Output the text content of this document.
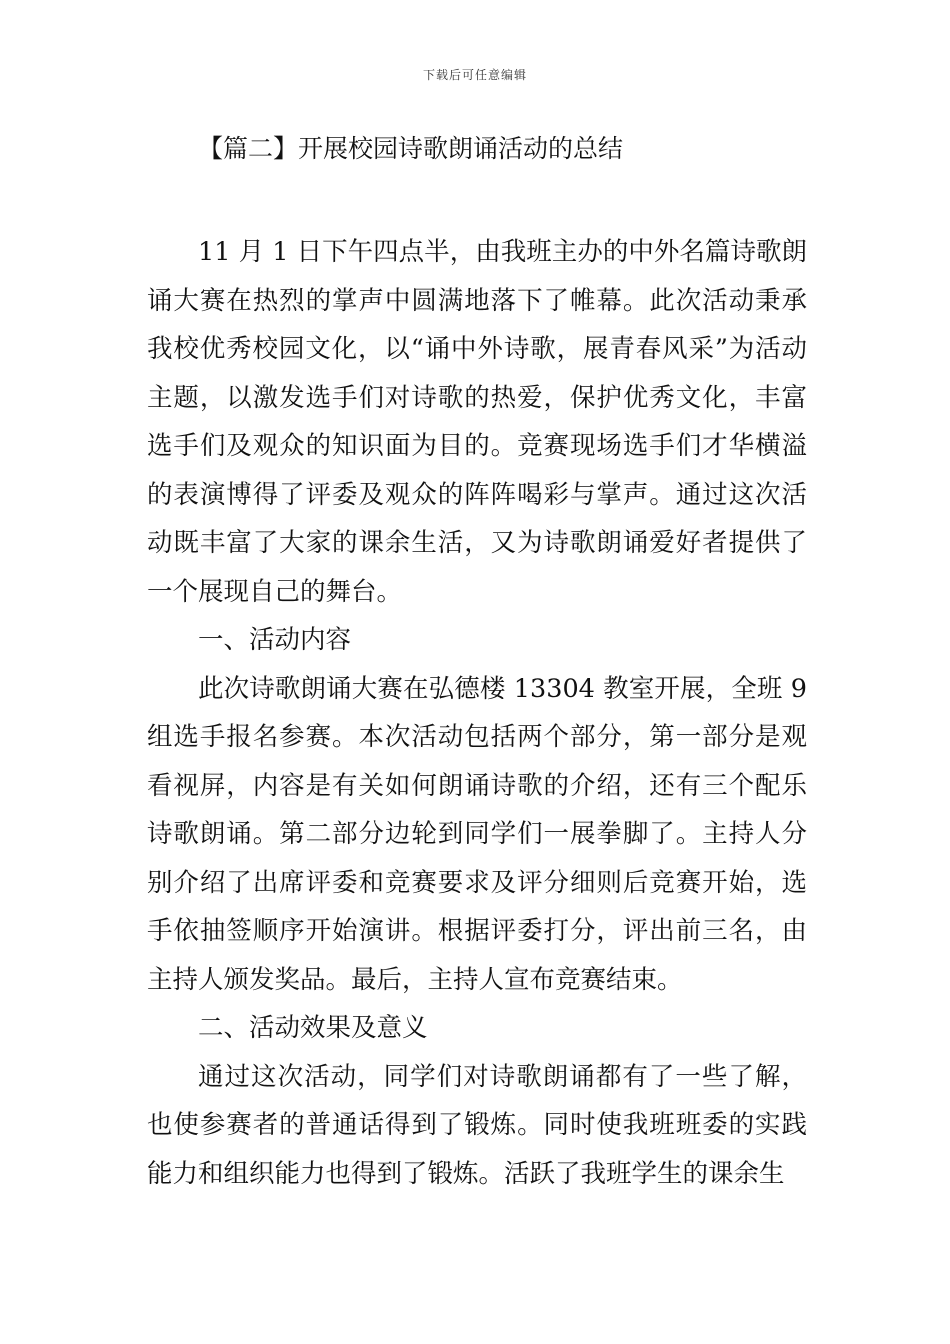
下载后可任意编辑
【篇二】开展校园诗歌朗诵活动的总结

11 月 1 日下午四点半，由我班主办的中外名篇诗歌朗诵大赛在热烈的掌声中圆满地落下了帷幕。此次活动秉承我校优秀校园文化，以“诵中外诗歌，展青春风采”为活动主题，以激发选手们对诗歌的热爱，保护优秀文化，丰富选手们及观众的知识面为目的。竞赛现场选手们才华横溢的表演博得了评委及观众的阵阵喝彩与掌声。通过这次活动既丰富了大家的课余生活，又为诗歌朗诵爱好者提供了一个展现自己的舞台。

一、活动内容

此次诗歌朗诵大赛在弘德楼 13304 教室开展，全班 9 组选手报名参赛。本次活动包括两个部分，第一部分是观看视屏，内容是有关如何朗诵诗歌的介绍，还有三个配乐诗歌朗诵。第二部分边轮到同学们一展拳脚了。主持人分别介绍了出席评委和竞赛要求及评分细则后竞赛开始，选手依抽签顺序开始演讲。根据评委打分，评出前三名，由主持人颁发奖品。最后，主持人宣布竞赛结束。

二、活动效果及意义

通过这次活动，同学们对诗歌朗诵都有了一些了解，也使参赛者的普通话得到了锻炼。同时使我班班委的实践能力和组织能力也得到了锻炼。活跃了我班学生的课余生
